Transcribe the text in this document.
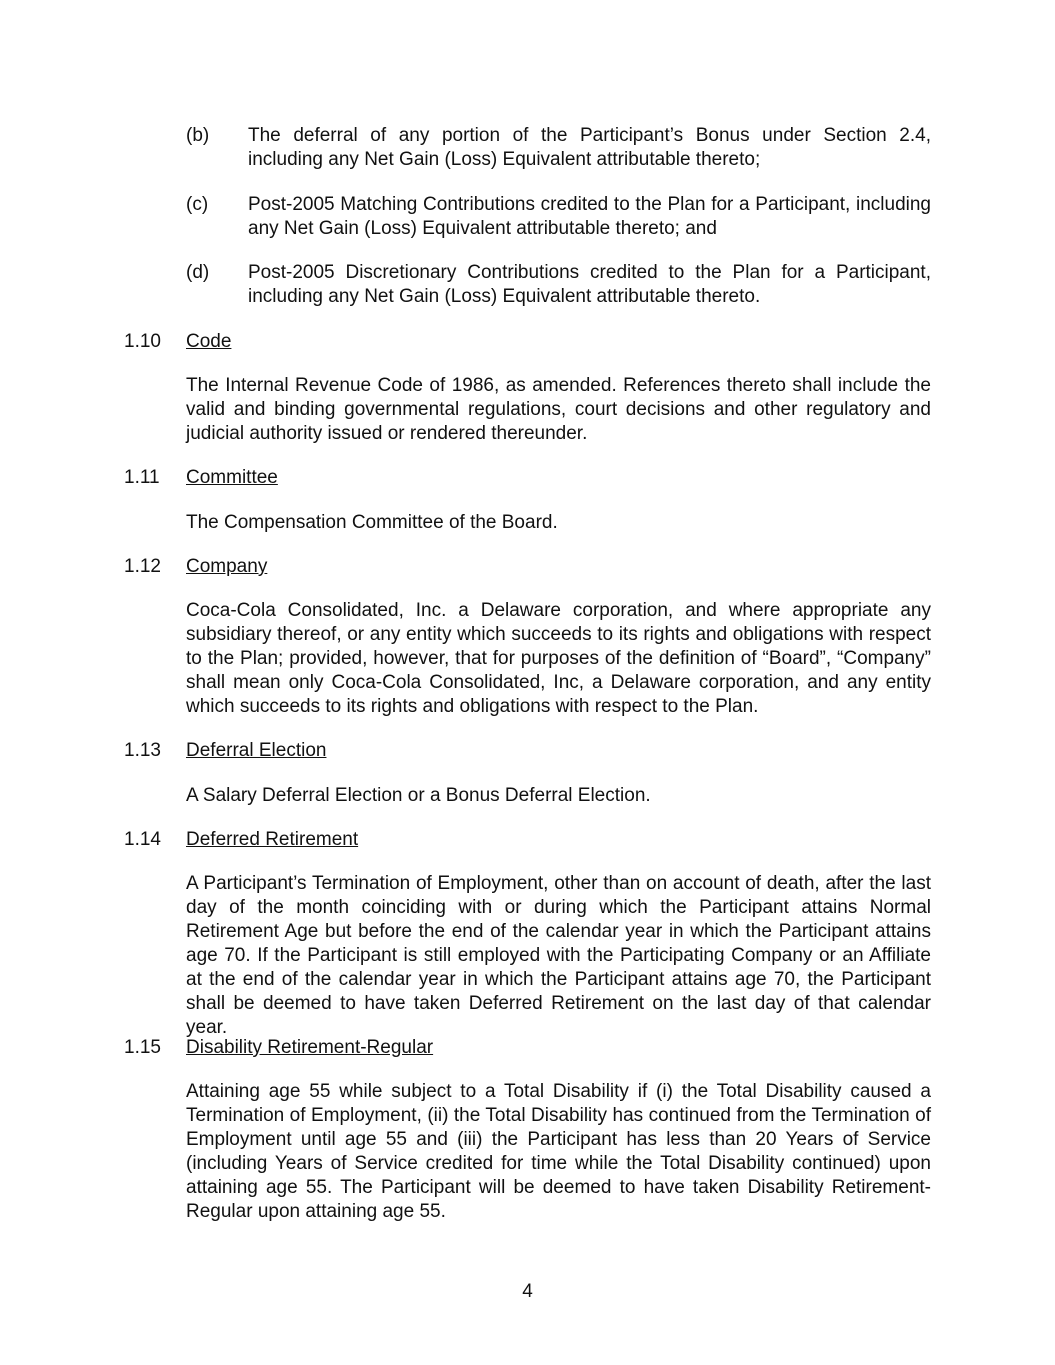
(b) The deferral of any portion of the Participant’s Bonus under Section 2.4, including any Net Gain (Loss) Equivalent attributable thereto;
(c) Post-2005 Matching Contributions credited to the Plan for a Participant, including any Net Gain (Loss) Equivalent attributable thereto; and
(d) Post-2005 Discretionary Contributions credited to the Plan for a Participant, including any Net Gain (Loss) Equivalent attributable thereto.
1.10 Code
The Internal Revenue Code of 1986, as amended. References thereto shall include the valid and binding governmental regulations, court decisions and other regulatory and judicial authority issued or rendered thereunder.
1.11 Committee
The Compensation Committee of the Board.
1.12 Company
Coca-Cola Consolidated, Inc. a Delaware corporation, and where appropriate any subsidiary thereof, or any entity which succeeds to its rights and obligations with respect to the Plan; provided, however, that for purposes of the definition of “Board”, “Company” shall mean only Coca-Cola Consolidated, Inc, a Delaware corporation, and any entity which succeeds to its rights and obligations with respect to the Plan.
1.13 Deferral Election
A Salary Deferral Election or a Bonus Deferral Election.
1.14 Deferred Retirement
A Participant’s Termination of Employment, other than on account of death, after the last day of the month coinciding with or during which the Participant attains Normal Retirement Age but before the end of the calendar year in which the Participant attains age 70. If the Participant is still employed with the Participating Company or an Affiliate at the end of the calendar year in which the Participant attains age 70, the Participant shall be deemed to have taken Deferred Retirement on the last day of that calendar year.
1.15 Disability Retirement-Regular
Attaining age 55 while subject to a Total Disability if (i) the Total Disability caused a Termination of Employment, (ii) the Total Disability has continued from the Termination of Employment until age 55 and (iii) the Participant has less than 20 Years of Service (including Years of Service credited for time while the Total Disability continued) upon attaining age 55. The Participant will be deemed to have taken Disability Retirement-Regular upon attaining age 55.
4
